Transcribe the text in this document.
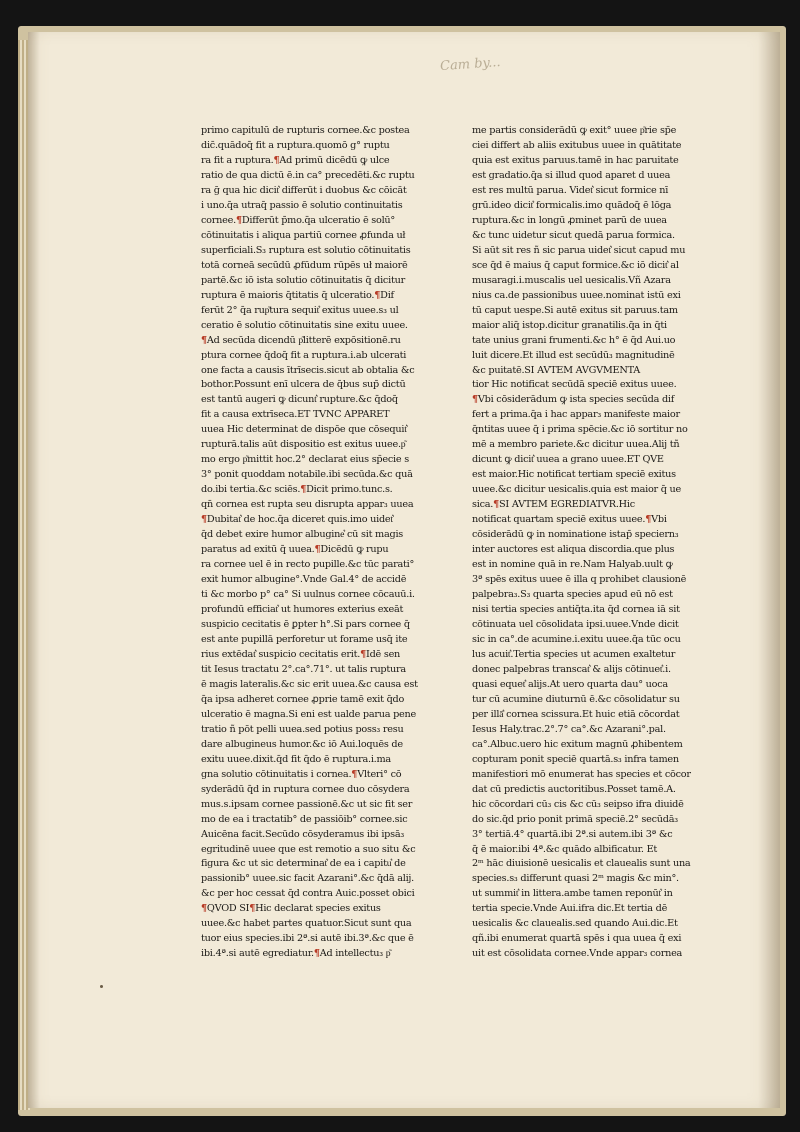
Cam by...
primo capitulū de rupturis cornee.&c postea
dic̄.quādoq̄ fit a ruptura.quomō g° ruptu
ra fit a ruptura.¶Ad primū dicēdū ꝙ ulce
ratio de qua dictū ē.in ca° precedēti.&c ruptu
ra ḡ qua hic dicit͛ differūt i duobus &c cōicāt
i uno.q̄a utraq̄ passio ē solutio continuitatis
cornee.¶Differūt p̄mo.q̄a ulceratio ē solū°
cōtinuitatis i aliqua partiū cornee ꝓfunda uł
superficiali.S₃ ruptura est solutio cōtinuitatis
totā corneā secūdū ꝓfūdum rūpēs uł maiorē
partē.&c iō ista solutio cōtinuitatis q̄ dicitur
ruptura ē maioris q̄titatis q̄ ulceratio.¶Dif
ferūt 2° q̄a rup͂tura sequit͛ exitus uuee.s₃ ul
ceratio ē solutio cōtinuitatis sine exitu uuee.
¶Ad secūda dicendū p͂litterē expōsitionē.ru
ptura cornee q̄doq̄ fit a ruptura.i.ab ulcerati
one facta a causis ītrīsecis.sicut ab obtalia &c
bothor.Possunt enī ulcera de q̄bus sup̄ dictū
est tantū augeri ꝙ dicunt͛ rupture.&c q̄doq̄
fit a causa extrīseca.ET TVNC APPARET
uuea Hic determinat de dispōe que cōsequit͛
rupturā.talis aūt dispositio est exitus uuee.p͂
mo ergo p͂mittit hoc.2° declarat eius sp̄ecie s
3° ponit quoddam notabile.ibi secūda.&c quā
do.ibi tertia.&c sciēs.¶Dicit primo.tunc.s.
qn̄ cornea est rupta seu disrupta appar₃ uuea
¶Dubitat͛ de hoc.q̄a diceret quis.imo uidet͛
q̄d debet exire humor albugine͛ cū sit magis
paratus ad exitū q̄ uuea.¶Dicēdū ꝙ rupu
ra cornee uel ē in recto pupille.&c tūc parati°
exit humor albugine°.Vnde Gal.4° de accidē
ti &c morbo p° ca° Si uulnus cornee cōcauū.i.
profundū efficiat͛ ut humores exterius exeāt
suspicio cecitatis ē ꝑpter h°.Si pars cornee q̄
est ante pupillā perforetur ut forame usq̄ ite
rius extēdat͛ suspicio cecitatis erit.¶Idē sen
tit Iesus tractatu 2°.ca°.71°. ut talis ruptura
ē magis lateralis.&c sic erit uuea.&c causa est
q̄a ipsa adheret cornee ꝓprie tamē exit q̄do
ulceratio ē magna.Si eni est ualde parua pene
tratio ñ pōt pelli uuea.sed potius poss₃ resu
dare albugineus humor.&c iō Aui.loquēs de
exitu uuee.dixit.q̄d fit q̄do ē ruptura.i.ma
gna solutio cōtinuitatis i cornea.¶Vlteri° cō
syderādū q̄d in ruptura cornee duo cōsydera
mus.s.ipsam cornee passionē.&c ut sic fit ser
mo de ea i tractatib° de passiōib° cornee.sic
Auicēna facit.Secūdo cōsyderamus ibi ipsā₃
egritudinē uuee que est remotio a suo situ &c
figura &c ut sic determinat͛ de ea i capitu͛ de
passionib° uuee.sic facit Azarani°.&c q̄dā alij.
&c per hoc cessat q̄d contra Auic.posset obici
¶QVOD SI¶Hic declarat species exitus
uuee.&c habet partes quatuor.Sicut sunt qua
tuor eius species.ibi 2ª.si autē ibi.3ª.&c que ē
ibi.4ª.si autē egrediatur.¶Ad intellectu₃ p͂
me partis considerādū ꝙ exit° uuee p͂rie sp̄e
ciei differt ab aliis exitubus uuee in quātitate
quia est exitus paruus.tamē in hac paruitate
est gradatio.q̄a si illud quod aparet d uuea
est res multū parua. Videt͛ sicut formice nī
grū.ideo dicit͛ formicalis.imo quādoq̄ ē lōga
ruptura.&c in longū ꝓminet parū de uuea
&c tunc uidetur sicut quedā parua formica.
Si aūt sit res ñ sic parua uidet͛ sicut capud mu
sce q̄d ē maius q̄ caput formice.&c iō dicit͛ al
musaragi.i.muscalis uel uesicalis.Vñ Azara
nius ca.de passionibus uuee.nominat istū exi
tū caput uespe.Si autē exitus sit paruus.tam
maior aliq̄ istop.dicitur granatilis.q̄a in q̄ti
tate unius grani frumenti.&c h° ē q̄d Aui.uo
luit dicere.Et illud est secūdū₃ magnitudinē
&c puitatē.SI AVTEM AVGVMENTA
tior Hic notificat secūdā speciē exitus uuee.
¶Vbi cōsiderādum ꝙ ista species secūda dif
fert a prima.q̄a i hac appar₃ manifeste maior
q̄ntitas uuee q̄ i prima spēcie.&c iō sortitur no
mē a membro pariete.&c dicitur uuea.Alij tñ
dicunt ꝙ dicit͛ uuea a grano uuee.ET QVE
est maior.Hic notificat tertiam speciē exitus
uuee.&c dicitur uesicalis.quia est maior q̄ ue
sica.¶SI AVTEM EGREDIATVR.Hic
notificat quartam speciē exitus uuee.¶Vbi
cōsiderādū ꝙ in nominatione istap̄ speciern₃
inter auctores est aliqua discordia.que plus
est in nomine quā in re.Nam Halyab.uult ꝙ
3ª spēs exitus uuee ē illa q prohibet clausionē
palpebra₃.S₃ quarta species apud eū nō est
nisi tertia species antiq̄ta.ita q̄d cornea iā sit
cōtinuata uel cōsolidata ipsi.uuee.Vnde dicit
sic in ca°.de acumine.i.exitu uuee.q̄a tūc ocu
lus acuit͛.Tertia species ut acumen exaltetur
donec palpebras transcat͛ & alijs cōtinuet͛.i.
quasi equet͛ alijs.At uero quarta dau° uoca
tur cū acumine diuturnū ē.&c cōsolidatur su
per illā͛ cornea scissura.Et huic etiā cōcordat
Iesus Haly.trac.2°.7° ca°.&c Azarani°.pal.
ca°.Albuc.uero hic exitum magnū ꝓhibentem
copturam ponit speciē quartā.s₃ infra tamen
manifestiori mō enumerat has species et cōcor
dat cū predictis auctoritibus.Posset tamē.A.
hic cōcordari cū₃ cis &c cū₃ seipso ifra diuidē
do sic.q̄d prio ponit primā speciē.2° secūdā₃
3° tertiā.4° quartā.ibi 2ª.si autem.ibi 3ª &c
q̄ ē maior.ibi 4ª.&c quādo albificatur. Et
2ᵐ hāc diuisionē uesicalis et clauealis sunt una
species.s₃ differunt quasi 2ᵐ magis &c min°.
ut summit͛ in littera.ambe tamen reponūt͛ in
tertia specie.Vnde Aui.ifra dic.Et tertia dē
uesicalis &c clauealis.sed quando Aui.dic.Et
qñ.ibi enumerat quartā spēs i qua uuea q̄ exi
uit est cōsolidata cornee.Vnde appar₃ cornea
